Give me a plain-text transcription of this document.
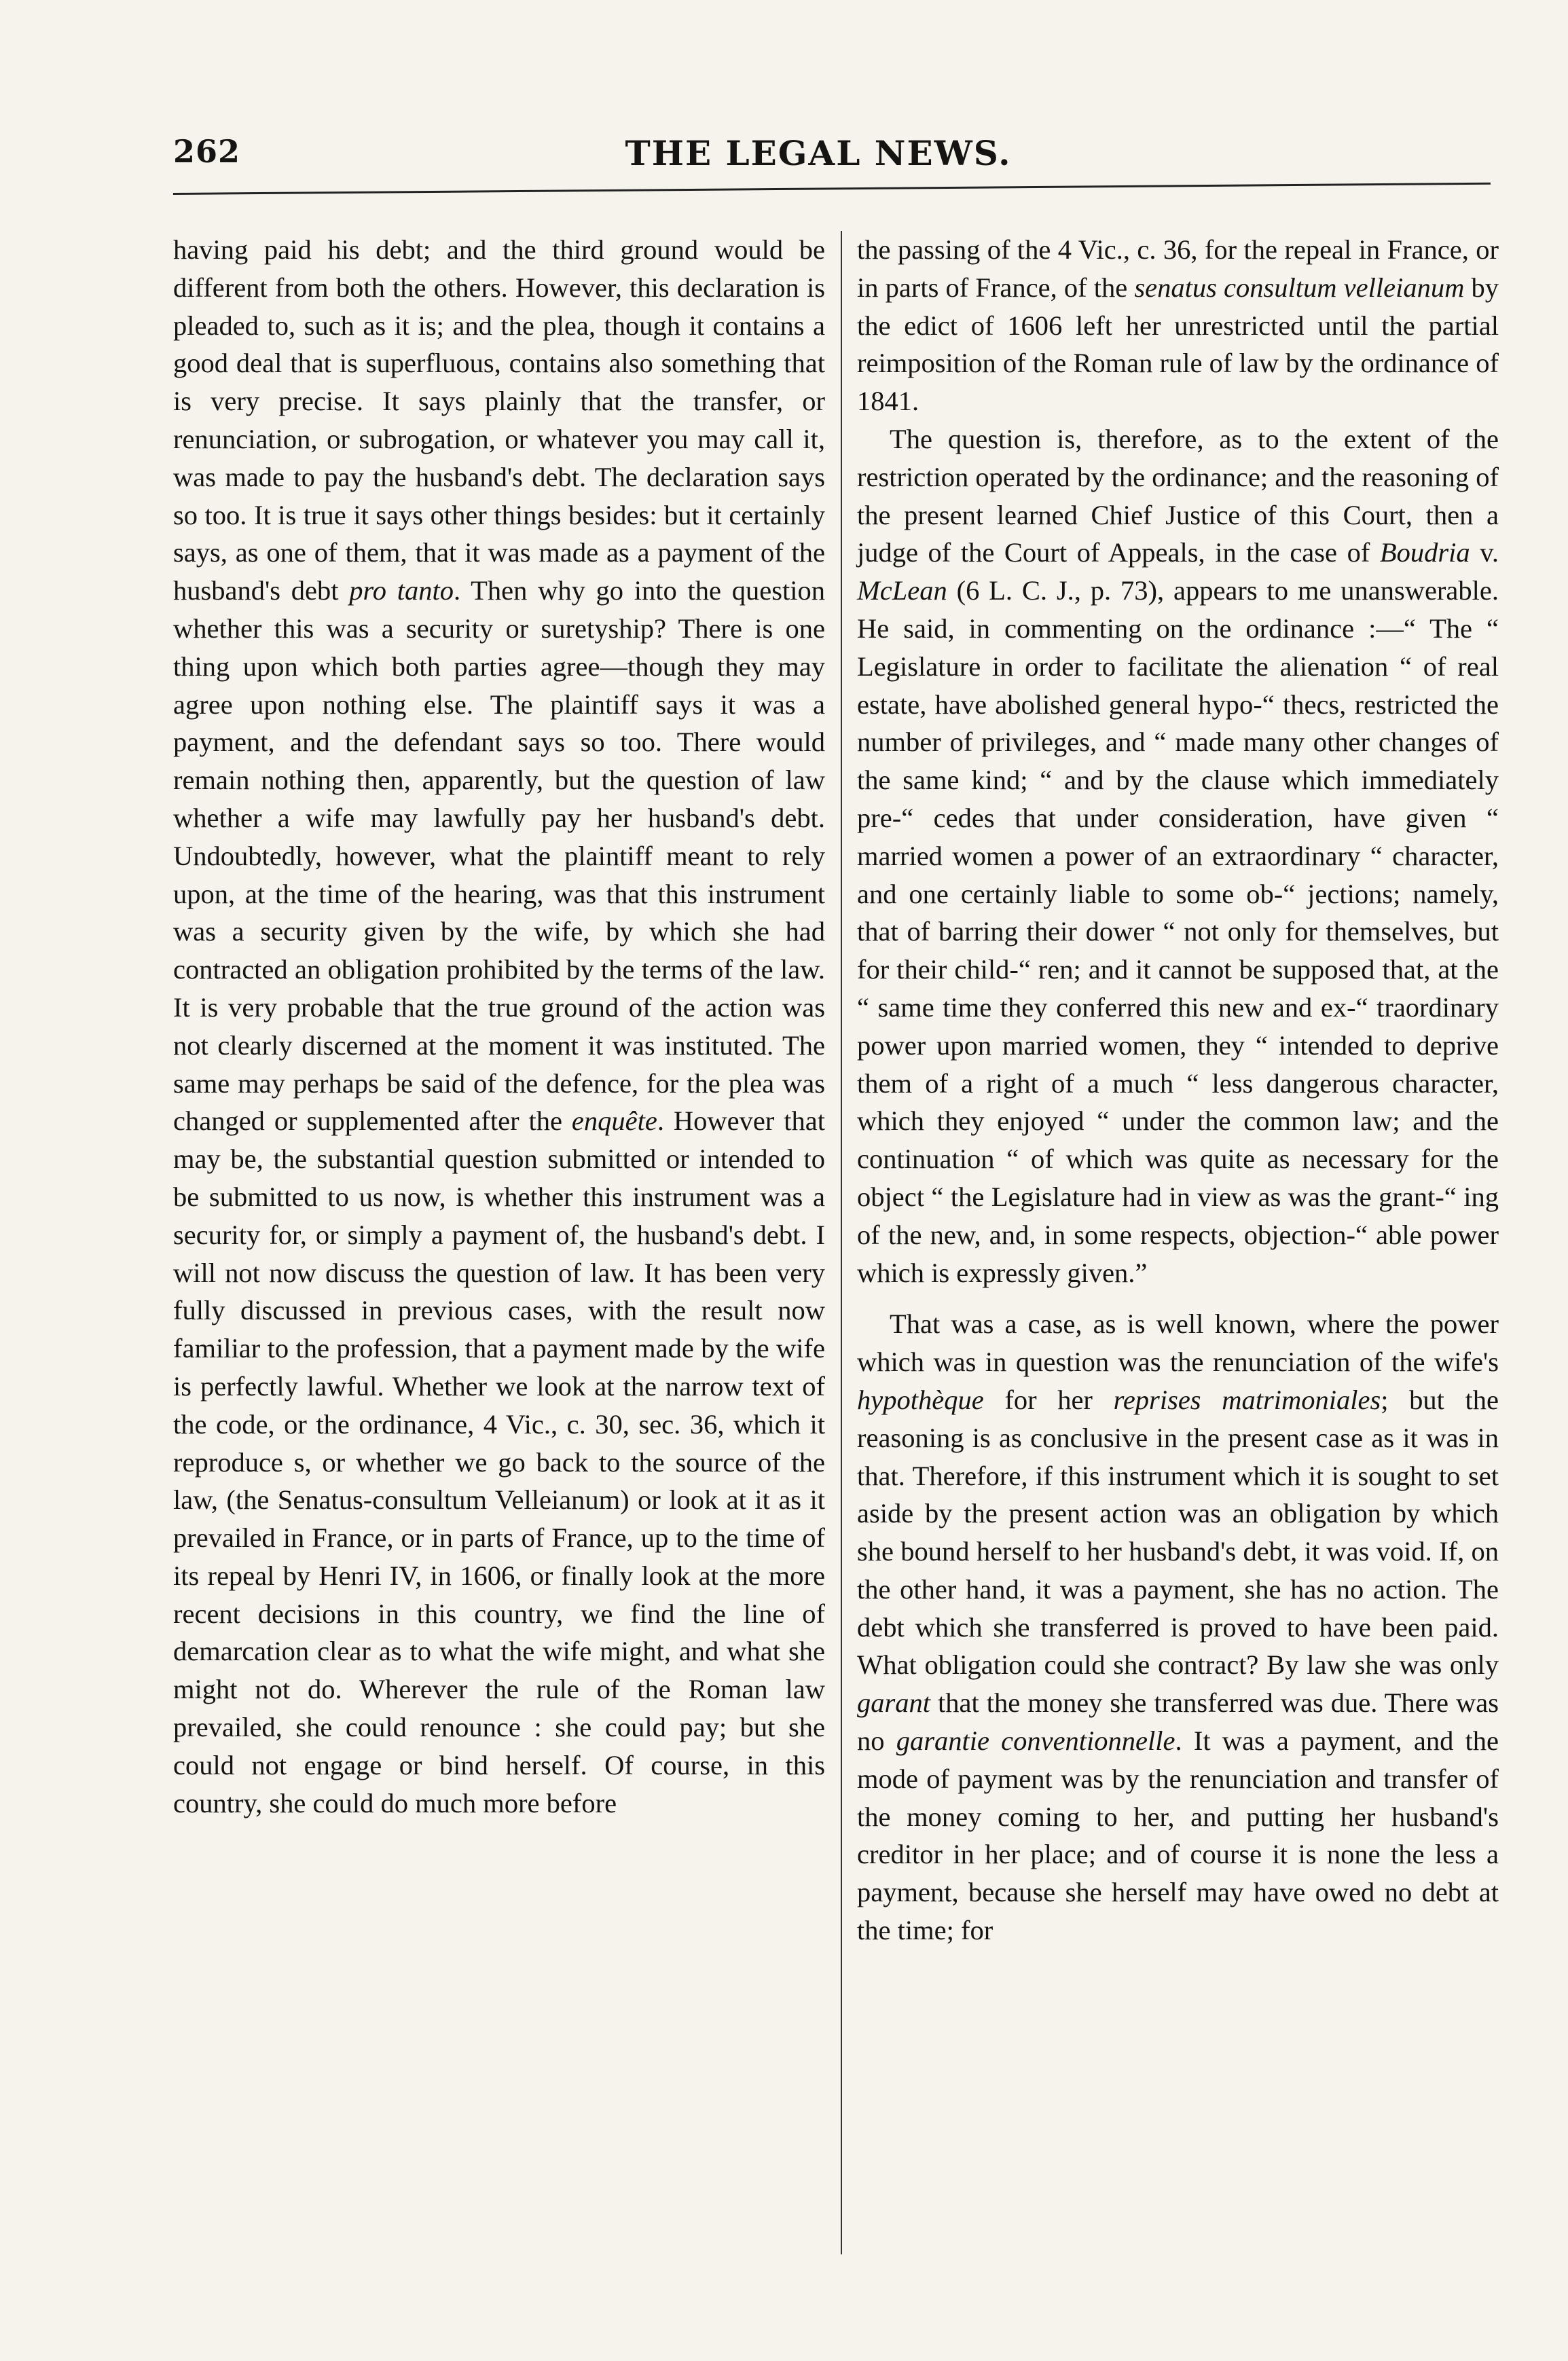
262	THE LEGAL NEWS.

having paid his debt; and the third ground would be different from both the others. However, this declaration is pleaded to, such as it is; and the plea, though it contains a good deal that is superfluous, contains also something that is very precise. It says plainly that the transfer, or renunciation, or subrogation, or whatever you may call it, was made to pay the husband's debt. The declaration says so too. It is true it says other things besides: but it certainly says, as one of them, that it was made as a payment of the husband's debt pro tanto. Then why go into the question whether this was a security or suretyship? There is one thing upon which both parties agree—though they may agree upon nothing else. The plaintiff says it was a payment, and the defendant says so too. There would remain nothing then, apparently, but the question of law whether a wife may lawfully pay her husband's debt. Undoubtedly, however, what the plaintiff meant to rely upon, at the time of the hearing, was that this instrument was a security given by the wife, by which she had contracted an obligation prohibited by the terms of the law. It is very probable that the true ground of the action was not clearly discerned at the moment it was instituted. The same may perhaps be said of the defence, for the plea was changed or supplemented after the enquête. However that may be, the substantial question submitted or intended to be submitted to us now, is whether this instrument was a security for, or simply a payment of, the husband's debt. I will not now discuss the question of law. It has been very fully discussed in previous cases, with the result now familiar to the profession, that a payment made by the wife is perfectly lawful. Whether we look at the narrow text of the code, or the ordinance, 4 Vic., c. 30, sec. 36, which it reproduce s, or whether we go back to the source of the law, (the Senatus-consultum Velleianum) or look at it as it prevailed in France, or in parts of France, up to the time of its repeal by Henri IV, in 1606, or finally look at the more recent decisions in this country, we find the line of demarcation clear as to what the wife might, and what she might not do. Wherever the rule of the Roman law prevailed, she could renounce : she could pay; but she could not engage or bind herself. Of course, in this country, she could do much more before

the passing of the 4 Vic., c. 36, for the repeal in France, or in parts of France, of the senatus consultum velleianum by the edict of 1606 left her unrestricted until the partial reimposition of the Roman rule of law by the ordinance of 1841.

The question is, therefore, as to the extent of the restriction operated by the ordinance; and the reasoning of the present learned Chief Justice of this Court, then a judge of the Court of Appeals, in the case of Boudria v. McLean (6 L. C. J., p. 73), appears to me unanswerable. He said, in commenting on the ordinance :—“ The “ Legislature in order to facilitate the alienation “ of real estate, have abolished general hypo-“ thecs, restricted the number of privileges, and “ made many other changes of the same kind; “ and by the clause which immediately pre-“ cedes that under consideration, have given “ married women a power of an extraordinary “ character, and one certainly liable to some ob-“ jections; namely, that of barring their dower “ not only for themselves, but for their child-“ ren; and it cannot be supposed that, at the “ same time they conferred this new and ex-“ traordinary power upon married women, they “ intended to deprive them of a right of a much “ less dangerous character, which they enjoyed “ under the common law; and the continuation “ of which was quite as necessary for the object “ the Legislature had in view as was the grant-“ ing of the new, and, in some respects, objection-“ able power which is expressly given.”

That was a case, as is well known, where the power which was in question was the renunciation of the wife's hypothèque for her reprises matrimoniales; but the reasoning is as conclusive in the present case as it was in that. Therefore, if this instrument which it is sought to set aside by the present action was an obligation by which she bound herself to her husband's debt, it was void. If, on the other hand, it was a payment, she has no action. The debt which she transferred is proved to have been paid. What obligation could she contract? By law she was only garant that the money she transferred was due. There was no garantie conventionnelle. It was a payment, and the mode of payment was by the renunciation and transfer of the money coming to her, and putting her husband's creditor in her place; and of course it is none the less a payment, because she herself may have owed no debt at the time; for
